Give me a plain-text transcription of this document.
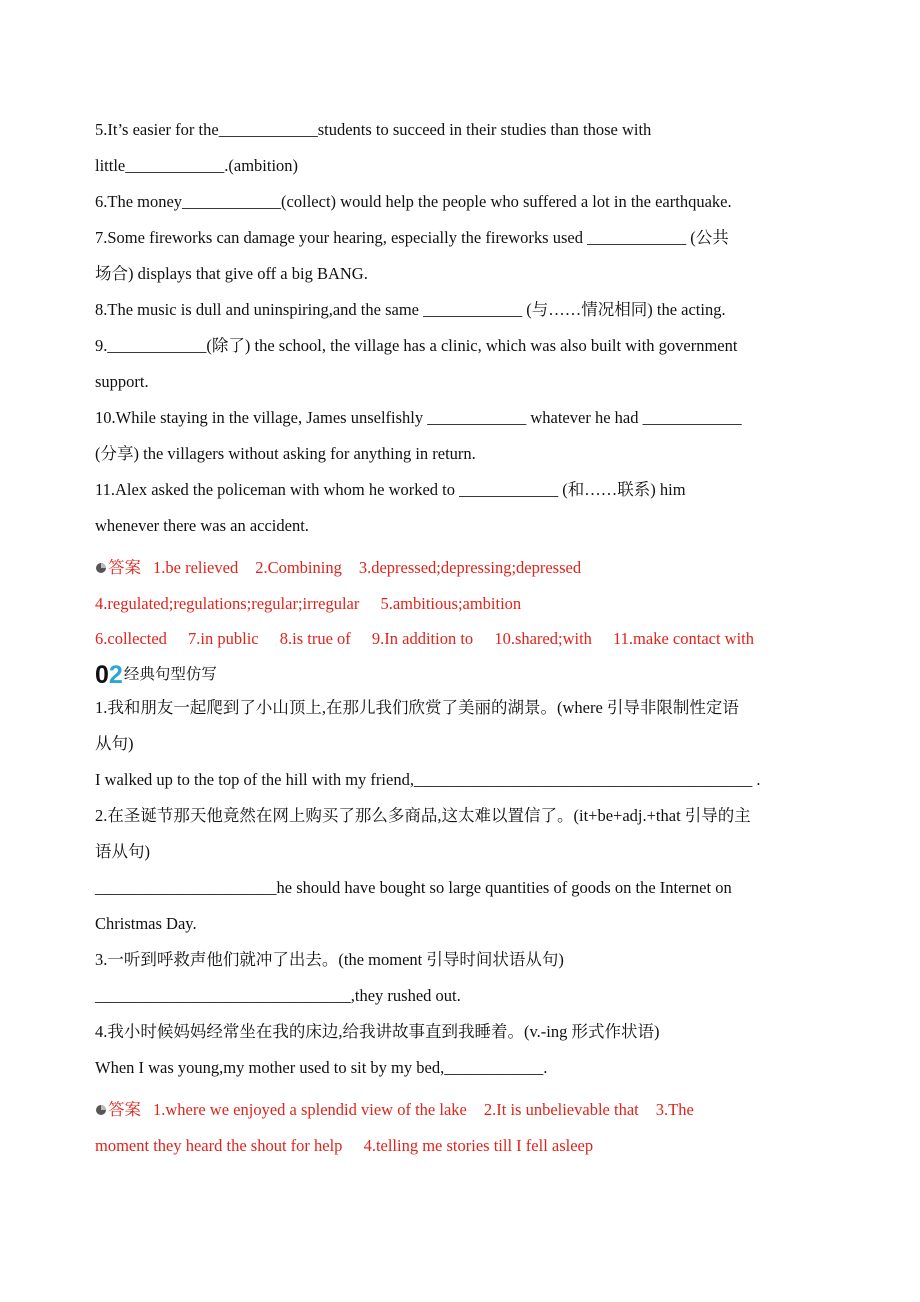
5.It’s easier for the____________students to succeed in their studies than those with
little____________.(ambition)
6.The money____________(collect) would help the people who suffered a lot in the earthquake.
7.Some fireworks can damage your hearing, especially the fireworks used ____________ (公共
场合) displays that give off a big BANG.
8.The music is dull and uninspiring,and the same ____________ (与……情况相同) the acting.
9.____________(除了) the school, the village has a clinic, which was also built with government
support.
10.While staying in the village, James unselfishly ____________ whatever he had ____________
(分享) the villagers without asking for anything in return.
11.Alex asked the policeman with whom he worked to ____________ (和……联系) him
whenever there was an accident.
答案 1.be relieved 2.Combining 3.depressed;depressing;depressed
4.regulated;regulations;regular;irregular 5.ambitious;ambition
6.collected 7.in public 8.is true of 9.In addition to 10.shared;with 11.make contact with
02 经典句型仿写
1.我和朋友一起爬到了小山顶上,在那儿我们欣赏了美丽的湖景。(where 引导非限制性定语
从句)
I walked up to the top of the hill with my friend,_________________________________________ .
2.在圣诞节那天他竟然在网上购买了那么多商品,这太难以置信了。(it+be+adj.+that 引导的主
语从句)
______________________he should have bought so large quantities of goods on the Internet on
Christmas Day.
3.一听到呼救声他们就冲了出去。(the moment 引导时间状语从句)
_______________________________,they rushed out.
4.我小时候妈妈经常坐在我的床边,给我讲故事直到我睡着。(v.-ing 形式作状语)
When I was young,my mother used to sit by my bed,____________.
答案 1.where we enjoyed a splendid view of the lake 2.It is unbelievable that 3.The
moment they heard the shout for help 4.telling me stories till I fell asleep
